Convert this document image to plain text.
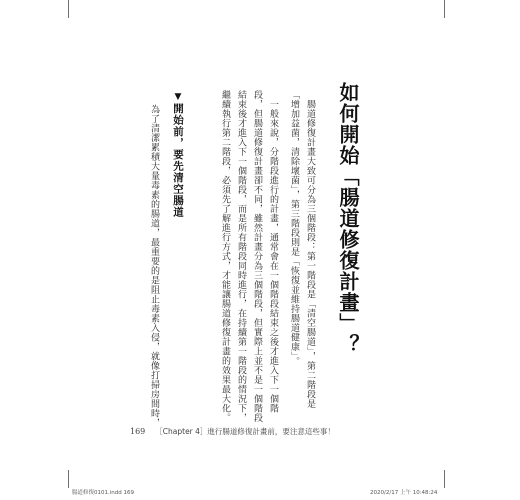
如何開始「腸道修復計畫」？
　腸道修復計畫大致可分為三個階段：第一階段是「清空腸道」，第二階段是
「增加益菌，清除壞菌」，第三階段則是「恢復並維持腸道健康」。
　一般來說，分階段進行的計畫，通常會在一個階段結束之後才進入下一個階
段，但腸道修復計畫卻不同，雖然計畫分為三個階段，但實際上並不是一個階段
結束後才進入下一個階段，而是所有階段同時進行，在持續第一階段的情況下，
繼續執行第二階段，必須先了解進行方式，才能讓腸道修復計畫的效果最大化。
▼開始前，要先清空腸道
　為了清潔累積大量毒素的腸道，最重要的是阻止毒素入侵，就像打掃房間時，
169 ［Chapter 4］進行腸道修復計畫前，要注意這些事！
腸道修復0101.indd 169	2020/2/17 上午 10:48:24
